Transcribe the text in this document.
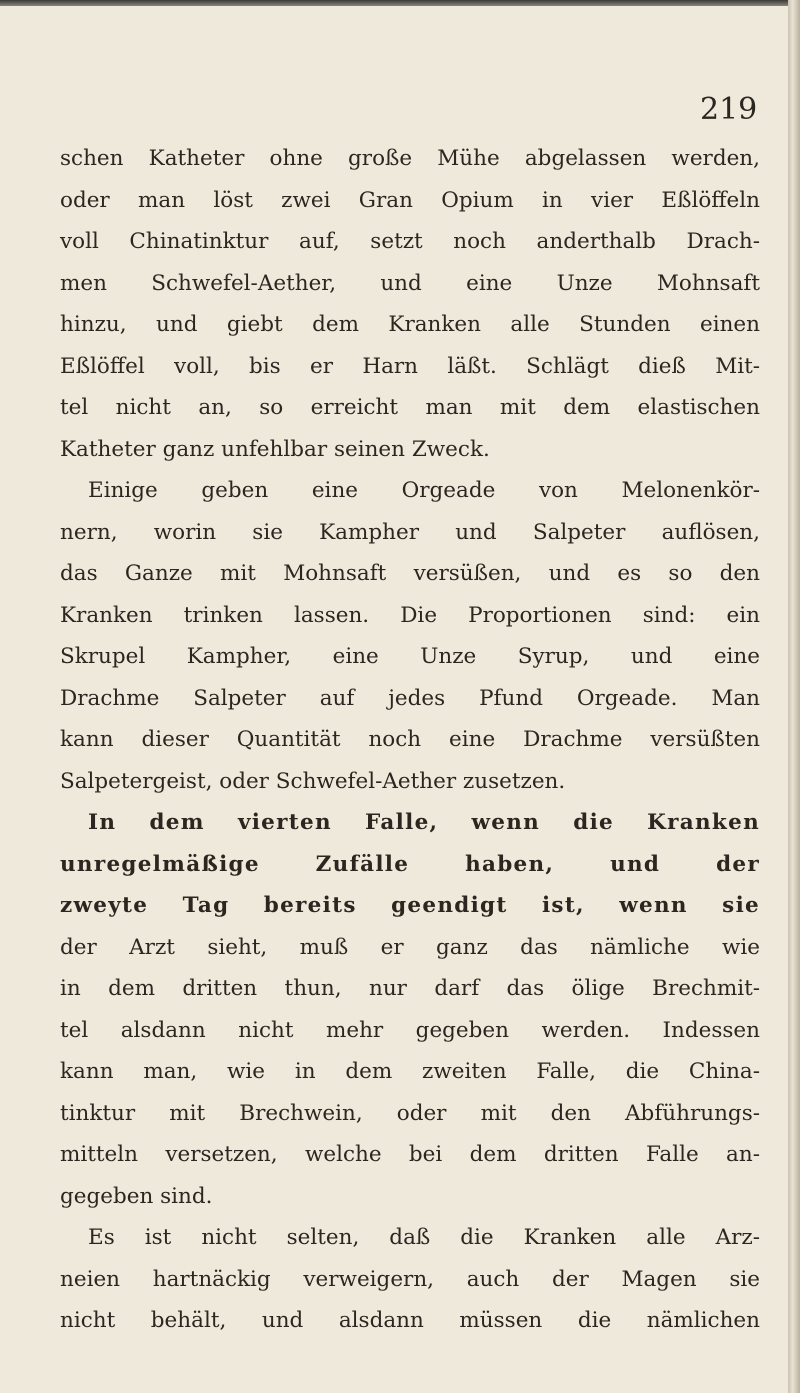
219
schen Katheter ohne große Mühe abgelassen werden,
oder man löst zwei Gran Opium in vier Eßlöffeln
voll Chinatinktur auf, setzt noch anderthalb Drach-
men Schwefel-Aether, und eine Unze Mohnsaft
hinzu, und giebt dem Kranken alle Stunden einen
Eßlöffel voll, bis er Harn läßt. Schlägt dieß Mit-
tel nicht an, so erreicht man mit dem elastischen
Katheter ganz unfehlbar seinen Zweck.
Einige geben eine Orgeade von Melonenkör-
nern, worin sie Kampher und Salpeter auflösen,
das Ganze mit Mohnsaft versüßen, und es so den
Kranken trinken lassen. Die Proportionen sind: ein
Skrupel Kampher, eine Unze Syrup, und eine
Drachme Salpeter auf jedes Pfund Orgeade. Man
kann dieser Quantität noch eine Drachme versüßten
Salpetergeist, oder Schwefel-Aether zusetzen.
In dem vierten Falle, wenn die Kranken
unregelmäßige Zufälle haben, und der
zweyte Tag bereits geendigt ist, wenn sie
der Arzt sieht, muß er ganz das nämliche wie
in dem dritten thun, nur darf das ölige Brechmit-
tel alsdann nicht mehr gegeben werden. Indessen
kann man, wie in dem zweiten Falle, die China-
tinktur mit Brechwein, oder mit den Abführungs-
mitteln versetzen, welche bei dem dritten Falle an-
gegeben sind.
Es ist nicht selten, daß die Kranken alle Arz-
neien hartnäckig verweigern, auch der Magen sie
nicht behält, und alsdann müssen die nämlichen
